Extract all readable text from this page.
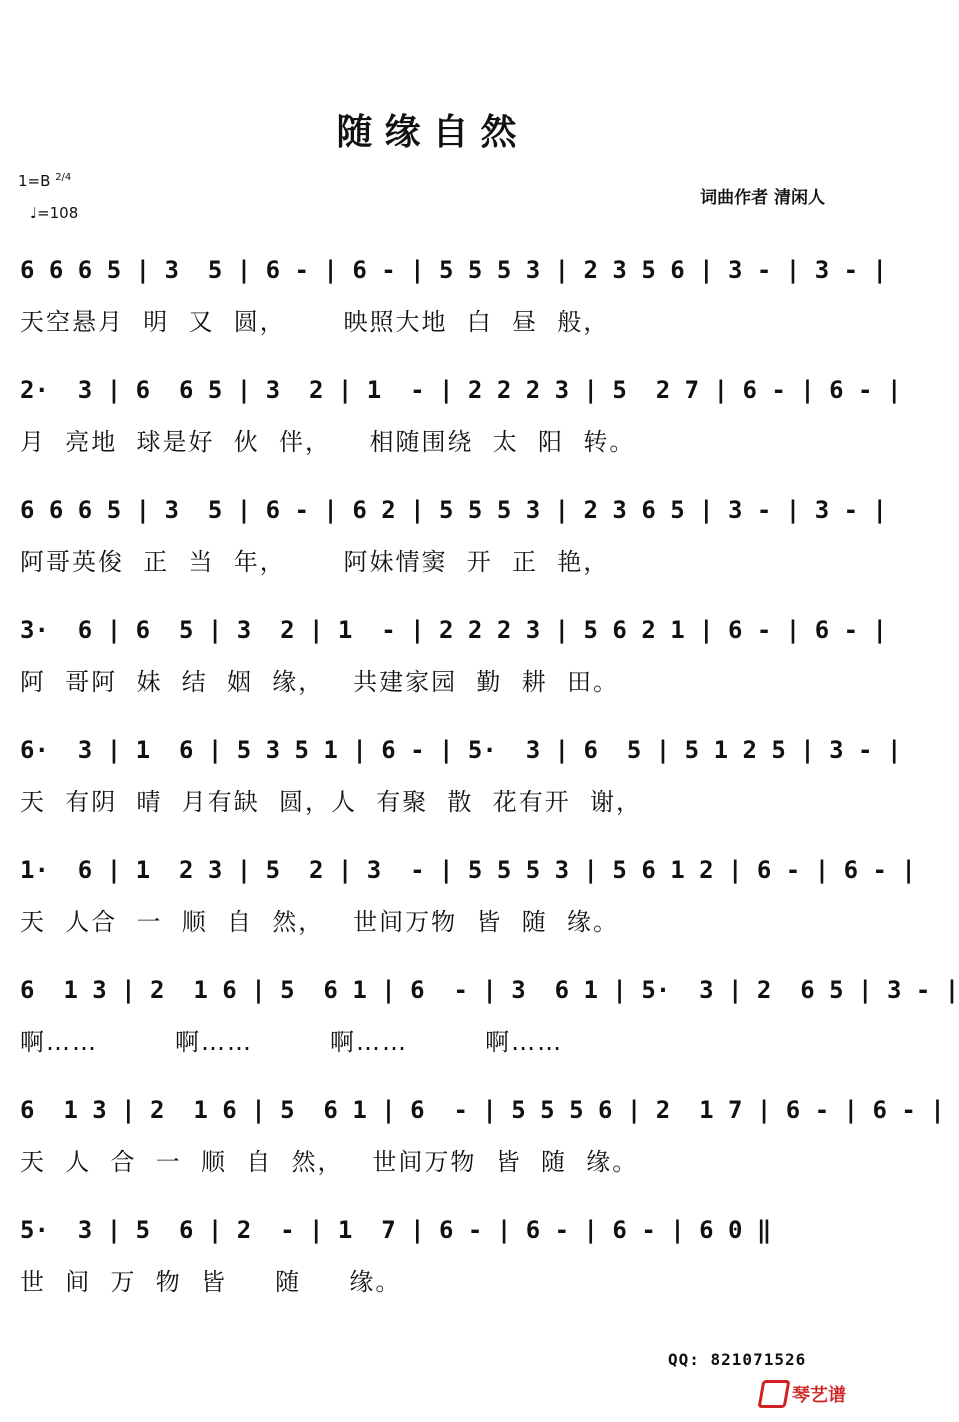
随缘自然
1=B $^{2/4}$
♩=108
词曲作者 清闲人
6 6 6 5 | 3  5 | 6 - | 6 - | 5 5 5 3 | 2 3 5 6 | 3 - | 3 - |
天空悬月  明  又  圆，      映照大地  白  昼  般，
2·  3 | 6  6 5 | 3  2 | 1  - | 2 2 2 3 | 5  2 7 | 6 - | 6 - |
月  亮地  球是好  伙  伴，    相随围绕  太  阳  转。
6 6 6 5 | 3  5 | 6 - | 6 2 | 5 5 5 3 | 2 3 6 5 | 3 - | 3 - |
阿哥英俊  正  当  年，      阿妹情窦  开  正  艳，
3·  6 | 6  5 | 3  2 | 1  - | 2 2 2 3 | 5 6 2 1 | 6 - | 6 - |
阿  哥阿  妹  结  姻  缘，   共建家园  勤  耕  田。
6·  3 | 1  6 | 5 3 5 1 | 6 - | 5·  3 | 6  5 | 5 1 2 5 | 3 - |
天  有阴  晴  月有缺  圆，人  有聚  散  花有开  谢，
1·  6 | 1  2 3 | 5  2 | 3  - | 5 5 5 3 | 5 6 1 2 | 6 - | 6 - |
天  人合  一  顺  自  然，   世间万物  皆  随  缘。
6  1 3 | 2  1 6 | 5  6 1 | 6  - | 3  6 1 | 5·  3 | 2  6 5 | 3 - |
啊……        啊……        啊……        啊……
6  1 3 | 2  1 6 | 5  6 1 | 6  - | 5 5 5 6 | 2  1 7 | 6 - | 6 - |
天  人  合  一  顺  自  然，   世间万物  皆  随  缘。
5·  3 | 5  6 | 2  - | 1  7 | 6 - | 6 - | 6 - | 6 0 ‖
世  间  万  物  皆     随     缘。
QQ: 821071526
琴艺谱
